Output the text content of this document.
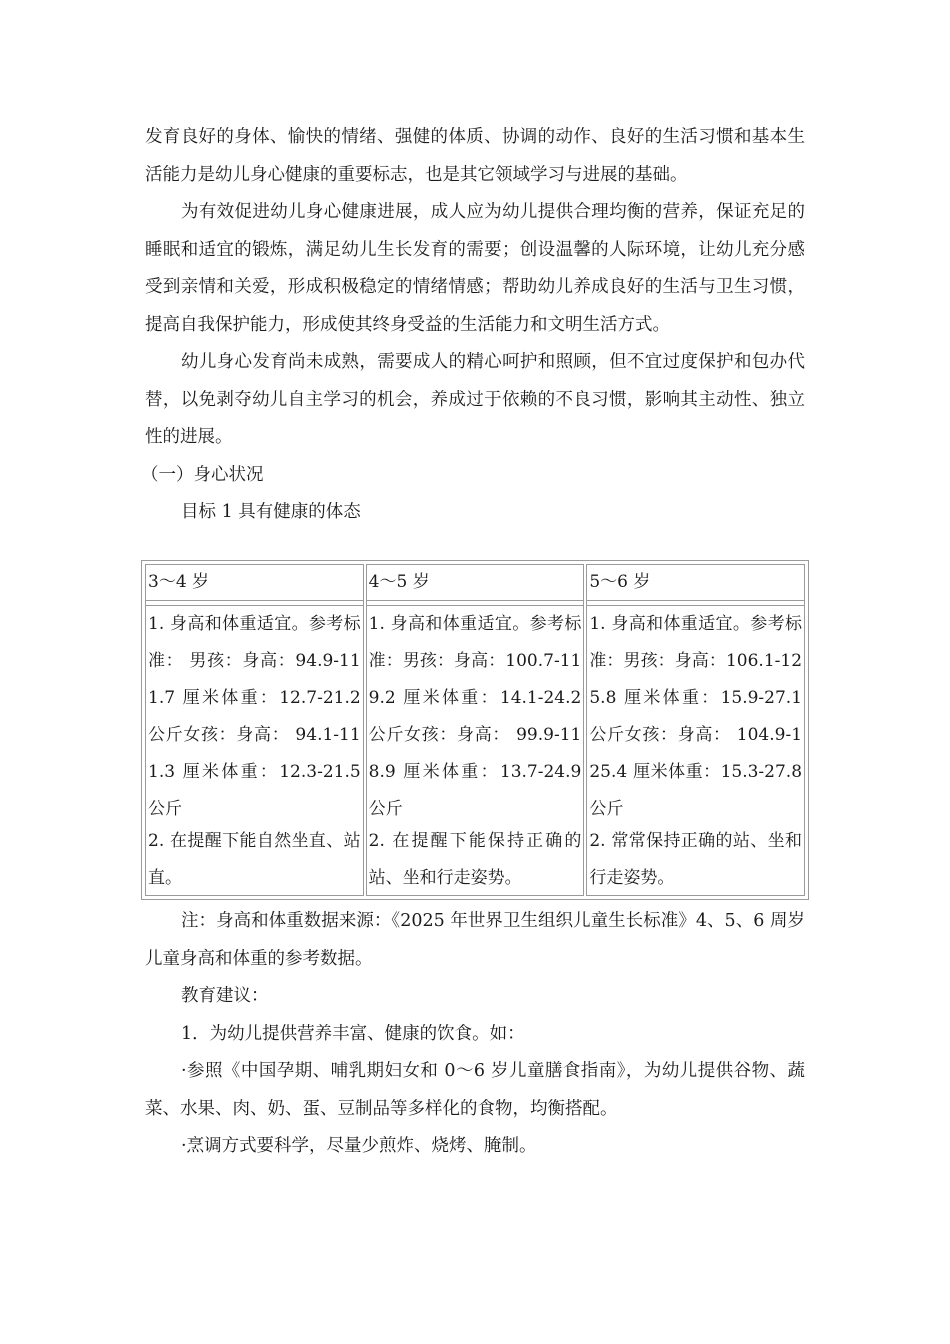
发育良好的身体、愉快的情绪、强健的体质、协调的动作、良好的生活习惯和基本生活能力是幼儿身心健康的重要标志，也是其它领域学习与进展的基础。

为有效促进幼儿身心健康进展，成人应为幼儿提供合理均衡的营养，保证充足的睡眠和适宜的锻炼，满足幼儿生长发育的需要；创设温馨的人际环境，让幼儿充分感受到亲情和关爱，形成积极稳定的情绪情感；帮助幼儿养成良好的生活与卫生习惯，提高自我保护能力，形成使其终身受益的生活能力和文明生活方式。

幼儿身心发育尚未成熟，需要成人的精心呵护和照顾，但不宜过度保护和包办代替，以免剥夺幼儿自主学习的机会，养成过于依赖的不良习惯，影响其主动性、独立性的进展。

（一）身心状况

目标 1 具有健康的体态

3～4 岁
1. 身高和体重适宜。参考标准： 男孩：身高：94.9-111.7 厘米体重：12.7-21.2 公斤女孩：身高： 94.1-111.3 厘米体重：12.3-21.5 公斤
2. 在提醒下能自然坐直、站直。
4～5 岁
1. 身高和体重适宜。参考标准：男孩：身高：100.7-119.2 厘米体重：14.1-24.2 公斤女孩：身高： 99.9-118.9 厘米体重：13.7-24.9 公斤
2. 在提醒下能保持正确的站、坐和行走姿势。
5～6 岁
1. 身高和体重适宜。参考标准：男孩：身高：106.1-125.8 厘米体重：15.9-27.1 公斤女孩：身高： 104.9-125.4 厘米体重：15.3-27.8 公斤
2. 常常保持正确的站、坐和行走姿势。

注：身高和体重数据来源：《2025 年世界卫生组织儿童生长标准》4、5、6 周岁儿童身高和体重的参考数据。

教育建议：

1．为幼儿提供营养丰富、健康的饮食。如：

·参照《中国孕期、哺乳期妇女和 0～6 岁儿童膳食指南》，为幼儿提供谷物、蔬菜、水果、肉、奶、蛋、豆制品等多样化的食物，均衡搭配。

·烹调方式要科学，尽量少煎炸、烧烤、腌制。
